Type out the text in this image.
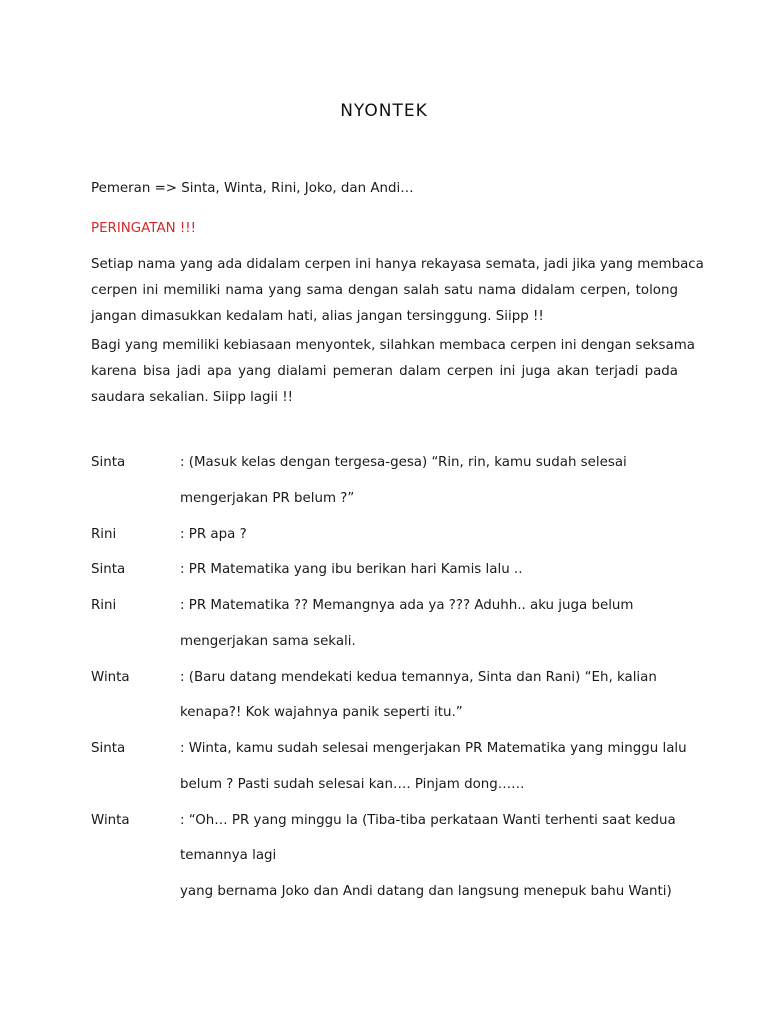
NYONTEK
Pemeran => Sinta, Winta, Rini, Joko, dan Andi…
PERINGATAN !!!
Setiap nama yang ada didalam cerpen ini hanya rekayasa semata, jadi jika yang membaca
cerpen ini memiliki nama yang sama dengan salah satu nama didalam cerpen, tolong
jangan dimasukkan kedalam hati, alias jangan tersinggung. Siipp !!
Bagi yang memiliki kebiasaan menyontek, silahkan membaca cerpen ini dengan seksama
karena bisa jadi apa yang dialami pemeran dalam cerpen ini juga akan terjadi pada
saudara sekalian. Siipp lagii !!
Sinta	: (Masuk kelas dengan tergesa-gesa) “Rin, rin, kamu sudah selesai
mengerjakan PR belum ?”
Rini	: PR apa ?
Sinta	: PR Matematika yang ibu berikan hari Kamis lalu ..
Rini	: PR Matematika ?? Memangnya ada ya ??? Aduhh.. aku juga belum
mengerjakan sama sekali.
Winta	: (Baru datang mendekati kedua temannya, Sinta dan Rani) “Eh, kalian
kenapa?! Kok wajahnya panik seperti itu.”
Sinta	: Winta, kamu sudah selesai mengerjakan PR Matematika yang minggu lalu
belum ? Pasti sudah selesai kan…. Pinjam dong……
Winta	: “Oh… PR yang minggu la (Tiba-tiba perkataan Wanti terhenti saat kedua
temannya lagi
yang bernama Joko dan Andi datang dan langsung menepuk bahu Wanti)
